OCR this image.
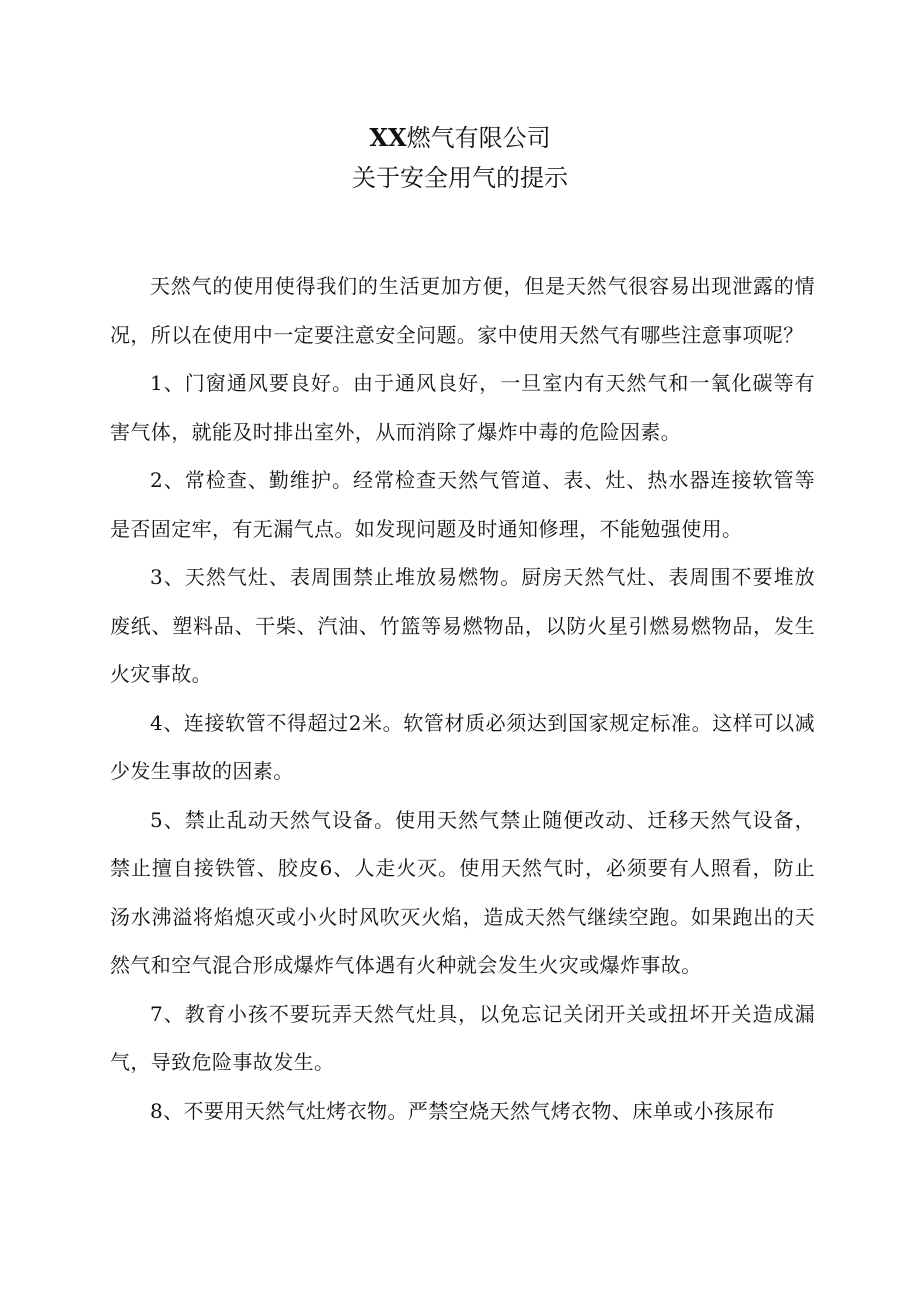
XX燃气有限公司
关于安全用气的提示

天然气的使用使得我们的生活更加方便，但是天然气很容易出现泄露的情况，所以在使用中一定要注意安全问题。家中使用天然气有哪些注意事项呢？

1、门窗通风要良好。由于通风良好，一旦室内有天然气和一氧化碳等有害气体，就能及时排出室外，从而消除了爆炸中毒的危险因素。

2、常检查、勤维护。经常检查天然气管道、表、灶、热水器连接软管等是否固定牢，有无漏气点。如发现问题及时通知修理，不能勉强使用。

3、天然气灶、表周围禁止堆放易燃物。厨房天然气灶、表周围不要堆放废纸、塑料品、干柴、汽油、竹篮等易燃物品，以防火星引燃易燃物品，发生火灾事故。

4、连接软管不得超过2米。软管材质必须达到国家规定标准。这样可以减少发生事故的因素。

5、禁止乱动天然气设备。使用天然气禁止随便改动、迁移天然气设备，禁止擅自接铁管、胶皮6、人走火灭。使用天然气时，必须要有人照看，防止汤水沸溢将焰熄灭或小火时风吹灭火焰，造成天然气继续空跑。如果跑出的天然气和空气混合形成爆炸气体遇有火种就会发生火灾或爆炸事故。

7、教育小孩不要玩弄天然气灶具，以免忘记关闭开关或扭坏开关造成漏气，导致危险事故发生。

8、不要用天然气灶烤衣物。严禁空烧天然气烤衣物、床单或小孩尿布
